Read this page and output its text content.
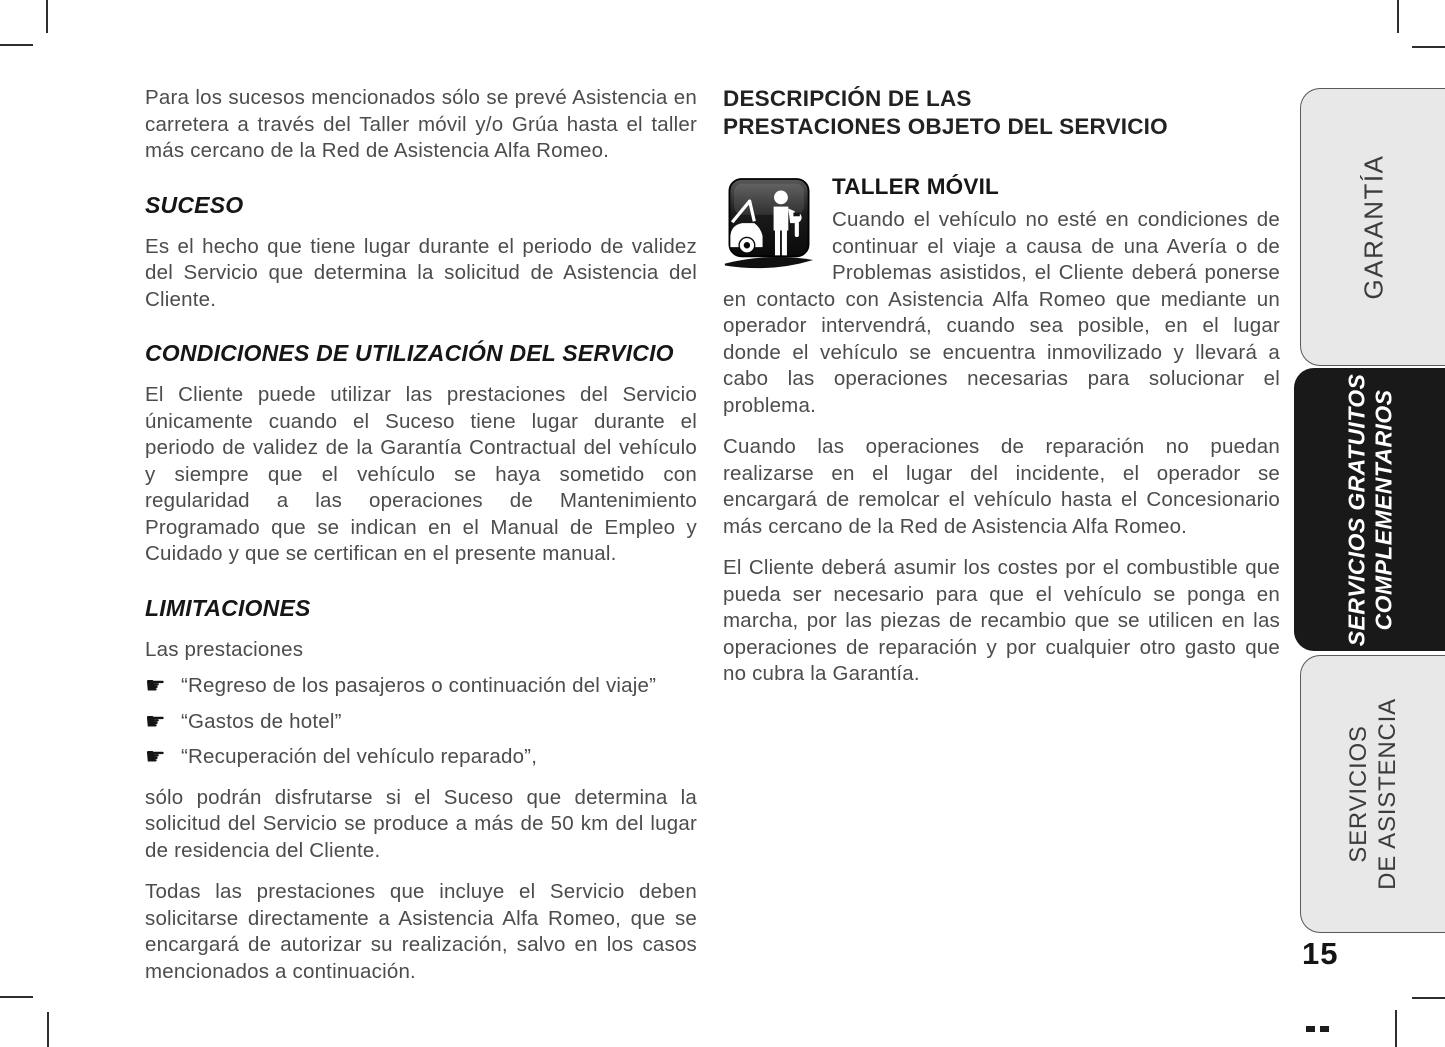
Para los sucesos mencionados sólo se prevé Asistencia en carretera a través del Taller móvil y/o Grúa hasta el taller más cercano de la Red de Asistencia Alfa Romeo.

SUCESO

Es el hecho que tiene lugar durante el periodo de validez del Servicio que determina la solicitud de Asistencia del Cliente.

CONDICIONES DE UTILIZACIÓN DEL SERVICIO

El Cliente puede utilizar las prestaciones del Servicio únicamente cuando el Suceso tiene lugar durante el periodo de validez de la Garantía Contractual del vehículo y siempre que el vehículo se haya sometido con regularidad a las operaciones de Mantenimiento Programado que se indican en el Manual de Empleo y Cuidado y que se certifican en el presente manual.

LIMITACIONES

Las prestaciones

☛ “Regreso de los pasajeros o continuación del viaje”
☛ “Gastos de hotel”
☛ “Recuperación del vehículo reparado”,

sólo podrán disfrutarse si el Suceso que determina la solicitud del Servicio se produce a más de 50 km del lugar de residencia del Cliente.

Todas las prestaciones que incluye el Servicio deben solicitarse directamente a Asistencia Alfa Romeo, que se encargará de autorizar su realización, salvo en los casos mencionados a continuación.

DESCRIPCIÓN DE LAS
PRESTACIONES OBJETO DEL SERVICIO
TALLER MÓVIL

Cuando el vehículo no esté en condiciones de continuar el viaje a causa de una Avería o de Problemas asistidos, el Cliente deberá ponerse en contacto con Asistencia Alfa Romeo que mediante un operador intervendrá, cuando sea posible, en el lugar donde el vehículo se encuentra inmovilizado y llevará a cabo las operaciones necesarias para solucionar el problema.

Cuando las operaciones de reparación no puedan realizarse en el lugar del incidente, el operador se encargará de remolcar el vehículo hasta el Concesionario más cercano de la Red de Asistencia Alfa Romeo.

El Cliente deberá asumir los costes por el combustible que pueda ser necesario para que el vehículo se ponga en marcha, por las piezas de recambio que se utilicen en las operaciones de reparación y por cualquier otro gasto que no cubra la Garantía.

GARANTÍA
SERVICIOS GRATUITOS COMPLEMENTARIOS
SERVICIOS DE ASISTENCIA
15
